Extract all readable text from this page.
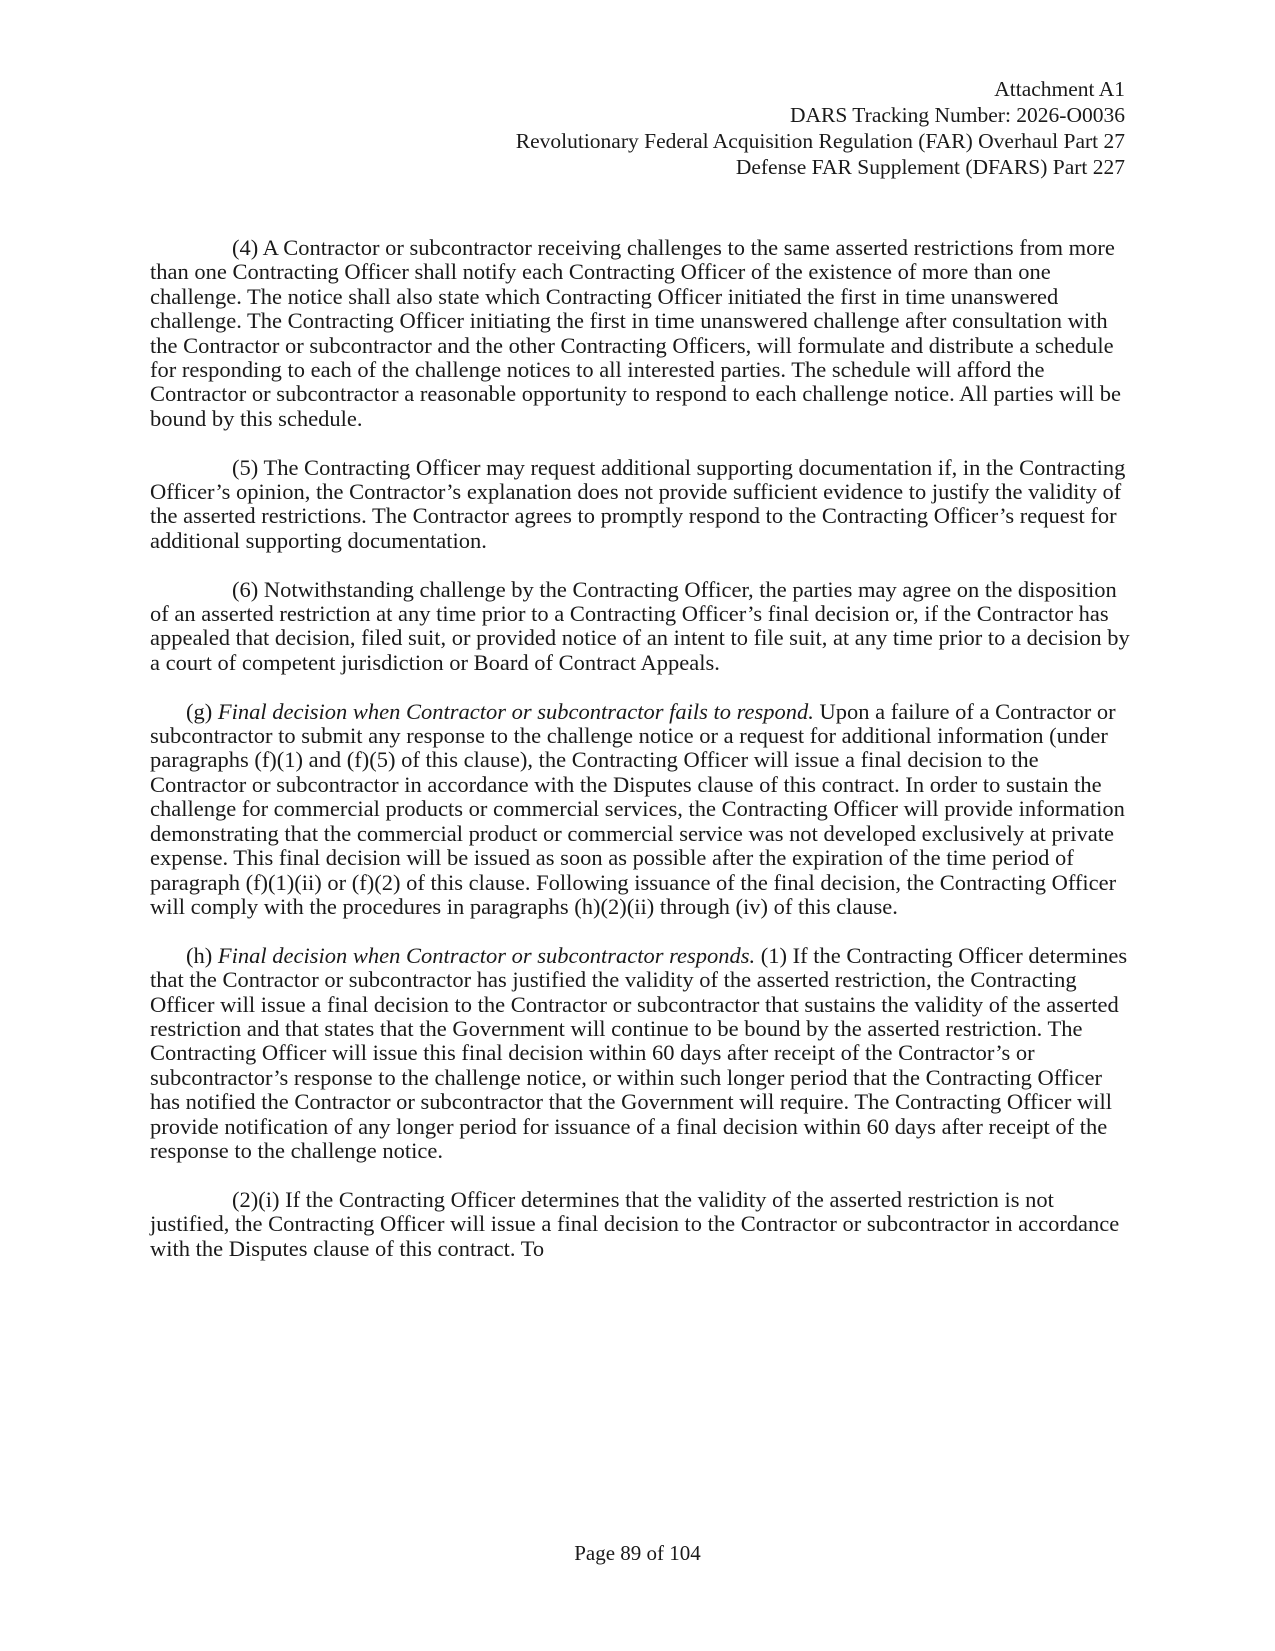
Attachment A1
DARS Tracking Number: 2026-O0036
Revolutionary Federal Acquisition Regulation (FAR) Overhaul Part 27
Defense FAR Supplement (DFARS) Part 227

(4) A Contractor or subcontractor receiving challenges to the same asserted restrictions from more than one Contracting Officer shall notify each Contracting Officer of the existence of more than one challenge. The notice shall also state which Contracting Officer initiated the first in time unanswered challenge. The Contracting Officer initiating the first in time unanswered challenge after consultation with the Contractor or subcontractor and the other Contracting Officers, will formulate and distribute a schedule for responding to each of the challenge notices to all interested parties. The schedule will afford the Contractor or subcontractor a reasonable opportunity to respond to each challenge notice. All parties will be bound by this schedule.

(5) The Contracting Officer may request additional supporting documentation if, in the Contracting Officer’s opinion, the Contractor’s explanation does not provide sufficient evidence to justify the validity of the asserted restrictions. The Contractor agrees to promptly respond to the Contracting Officer’s request for additional supporting documentation.

(6) Notwithstanding challenge by the Contracting Officer, the parties may agree on the disposition of an asserted restriction at any time prior to a Contracting Officer’s final decision or, if the Contractor has appealed that decision, filed suit, or provided notice of an intent to file suit, at any time prior to a decision by a court of competent jurisdiction or Board of Contract Appeals.

(g) Final decision when Contractor or subcontractor fails to respond. Upon a failure of a Contractor or subcontractor to submit any response to the challenge notice or a request for additional information (under paragraphs (f)(1) and (f)(5) of this clause), the Contracting Officer will issue a final decision to the Contractor or subcontractor in accordance with the Disputes clause of this contract. In order to sustain the challenge for commercial products or commercial services, the Contracting Officer will provide information demonstrating that the commercial product or commercial service was not developed exclusively at private expense. This final decision will be issued as soon as possible after the expiration of the time period of paragraph (f)(1)(ii) or (f)(2) of this clause. Following issuance of the final decision, the Contracting Officer will comply with the procedures in paragraphs (h)(2)(ii) through (iv) of this clause.

(h) Final decision when Contractor or subcontractor responds. (1) If the Contracting Officer determines that the Contractor or subcontractor has justified the validity of the asserted restriction, the Contracting Officer will issue a final decision to the Contractor or subcontractor that sustains the validity of the asserted restriction and that states that the Government will continue to be bound by the asserted restriction. The Contracting Officer will issue this final decision within 60 days after receipt of the Contractor’s or subcontractor’s response to the challenge notice, or within such longer period that the Contracting Officer has notified the Contractor or subcontractor that the Government will require. The Contracting Officer will provide notification of any longer period for issuance of a final decision within 60 days after receipt of the response to the challenge notice.

(2)(i) If the Contracting Officer determines that the validity of the asserted restriction is not justified, the Contracting Officer will issue a final decision to the Contractor or subcontractor in accordance with the Disputes clause of this contract. To

Page 89 of 104
